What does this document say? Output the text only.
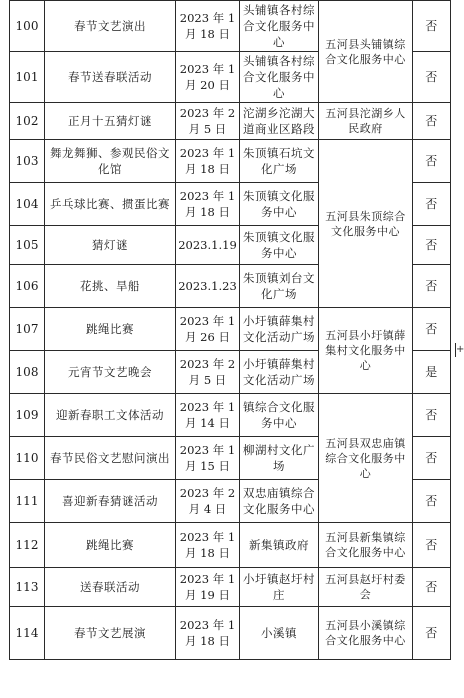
100	春节文艺演出	2023 年 1 月 18 日	头铺镇各村综合文化服务中心	五河县头铺镇综合文化服务中心	否
101	春节送春联活动	2023 年 1 月 20 日	头铺镇各村综合文化服务中心		否
102	正月十五猜灯谜	2023 年 2 月 5 日	沱湖乡沱湖大道商业区路段	五河县沱湖乡人民政府	否
103	舞龙舞狮、参观民俗文化馆	2023 年 1 月 18 日	朱顶镇石坑文化广场	五河县朱顶综合文化服务中心	否
104	乒乓球比赛、掼蛋比赛	2023 年 1 月 18 日	朱顶镇文化服务中心		否
105	猜灯谜	2023.1.19	朱顶镇文化服务中心		否
106	花挑、旱船	2023.1.23	朱顶镇刘台文化广场		否
107	跳绳比赛	2023 年 1 月 26 日	小圩镇薛集村文化活动广场	五河县小圩镇薛集村文化服务中心	否
108	元宵节文艺晚会	2023 年 2 月 5 日	小圩镇薛集村文化活动广场		是
109	迎新春职工文体活动	2023 年 1 月 14 日	镇综合文化服务中心	五河县双忠庙镇综合文化服务中心	否
110	春节民俗文艺慰问演出	2023 年 1 月 15 日	柳湖村文化广场		否
111	喜迎新春猜谜活动	2023 年 2 月 4 日	双忠庙镇综合文化服务中心		否
112	跳绳比赛	2023 年 1 月 18 日	新集镇政府	五河县新集镇综合文化服务中心	否
113	送春联活动	2023 年 1 月 19 日	小圩镇赵圩村庄	五河县赵圩村委会	否
114	春节文艺展演	2023 年 1 月 18 日	小溪镇	五河县小溪镇综合文化服务中心	否
+
